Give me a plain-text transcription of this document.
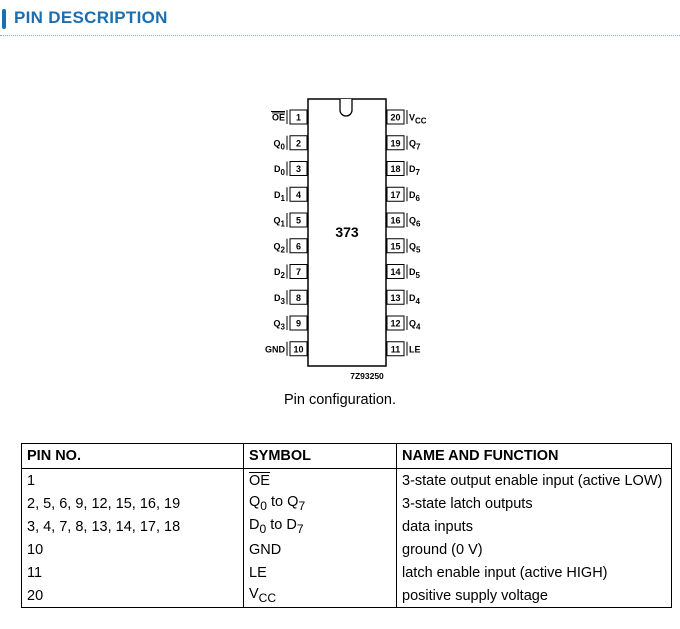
PIN DESCRIPTION
373
7Z93250
1
OE
2
Q0
3
D0
4
D1
5
Q1
6
Q2
7
D2
8
D3
9
Q3
10
GND
20 VCC
19 Q7
18 D7
17 D6
16 Q6
15 Q5
14 D5
13 D4
12 Q4
11 LE
Pin configuration.
PIN NO.	SYMBOL	NAME AND FUNCTION
1	$\overline{OE}$	3-state output enable input (active LOW)
2, 5, 6, 9, 12, 15, 16, 19	$Q_0$ to $Q_7$	3-state latch outputs
3, 4, 7, 8, 13, 14, 17, 18	$D_0$ to $D_7$	data inputs
10	GND	ground (0 V)
11	LE	latch enable input (active HIGH)
20	$V_{CC}$	positive supply voltage
